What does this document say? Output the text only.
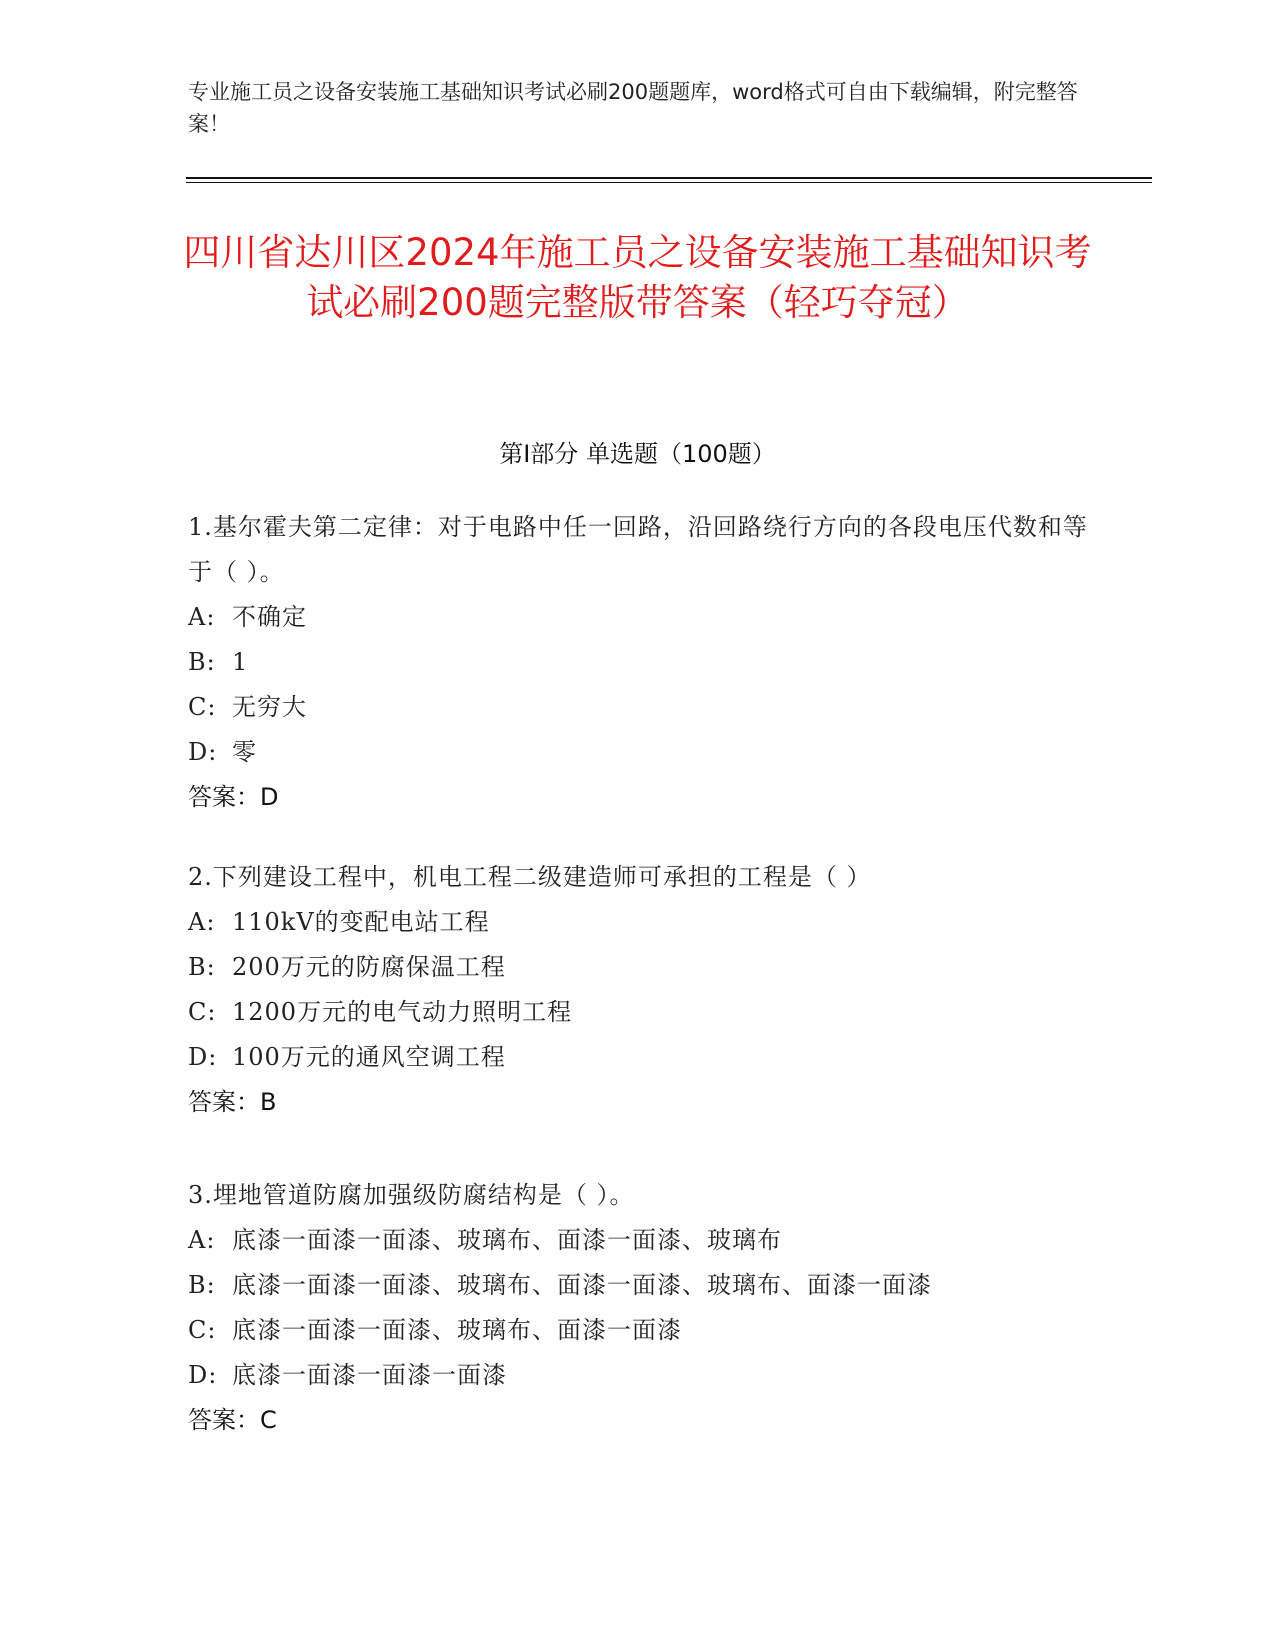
专业施工员之设备安装施工基础知识考试必刷200题题库，word格式可自由下载编辑，附完整答案！
四川省达川区2024年施工员之设备安装施工基础知识考试必刷200题完整版带答案（轻巧夺冠）
第Ⅰ部分 单选题（100题）
1.基尔霍夫第二定律：对于电路中任一回路，沿回路绕行方向的各段电压代数和等于（ ）。
A: 不确定
B: 1
C: 无穷大
D: 零
答案：D
2.下列建设工程中，机电工程二级建造师可承担的工程是（ ）
A: 110kV的变配电站工程
B: 200万元的防腐保温工程
C: 1200万元的电气动力照明工程
D: 100万元的通风空调工程
答案：B
3.埋地管道防腐加强级防腐结构是（ ）。
A: 底漆一面漆一面漆、玻璃布、面漆一面漆、玻璃布
B: 底漆一面漆一面漆、玻璃布、面漆一面漆、玻璃布、面漆一面漆
C: 底漆一面漆一面漆、玻璃布、面漆一面漆
D: 底漆一面漆一面漆一面漆
答案：C
